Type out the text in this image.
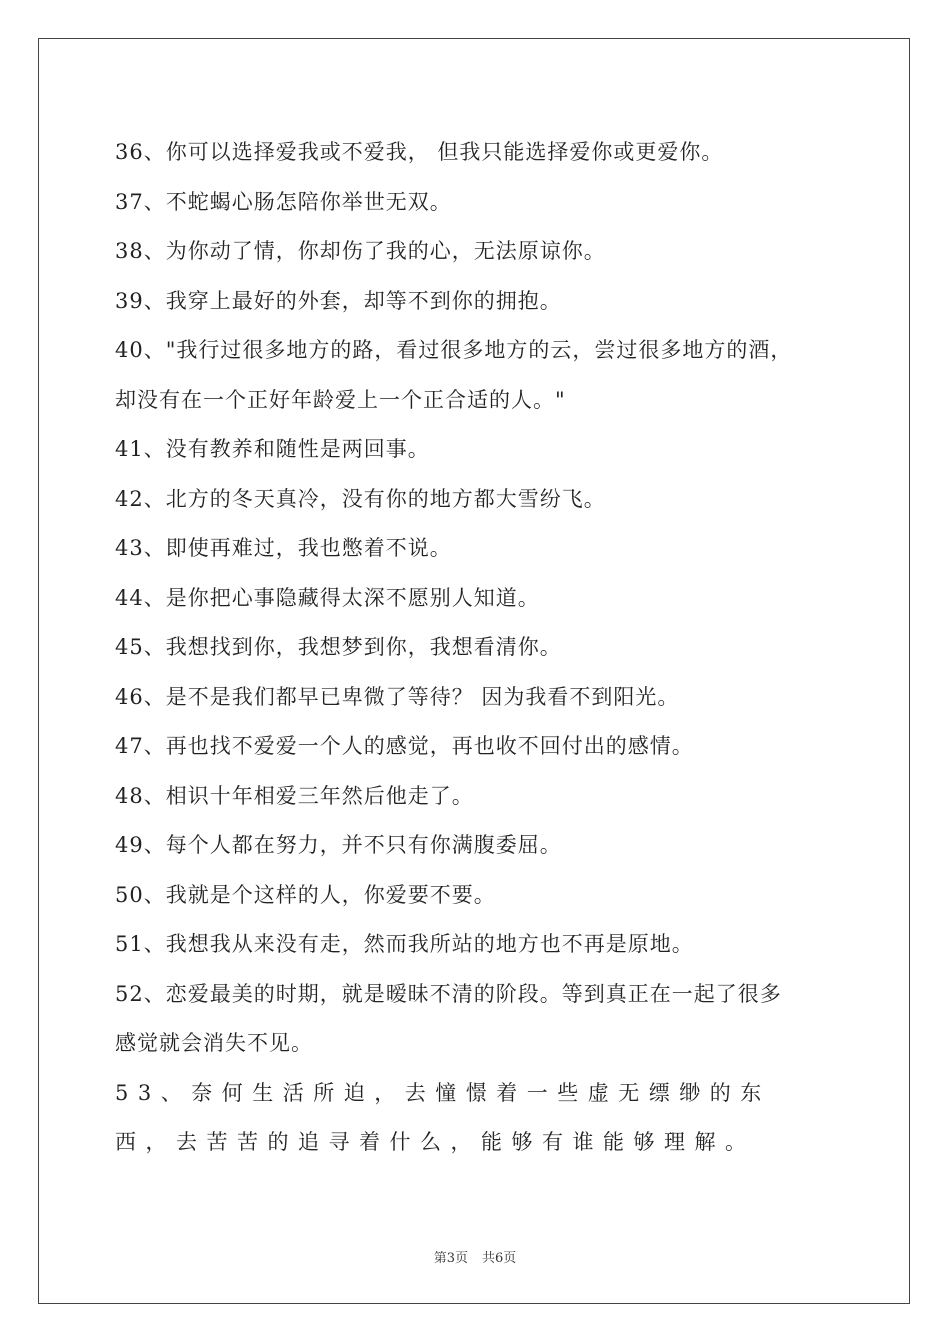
36、你可以选择爱我或不爱我， 但我只能选择爱你或更爱你。
37、不蛇蝎心肠怎陪你举世无双。
38、为你动了情，你却伤了我的心，无法原谅你。
39、我穿上最好的外套，却等不到你的拥抱。
40、"我行过很多地方的路，看过很多地方的云，尝过很多地方的酒，
却没有在一个正好年龄爱上一个正合适的人。"
41、没有教养和随性是两回事。
42、北方的冬天真冷，没有你的地方都大雪纷飞。
43、即使再难过，我也憋着不说。
44、是你把心事隐藏得太深不愿别人知道。
45、我想找到你，我想梦到你，我想看清你。
46、是不是我们都早已卑微了等待？ 因为我看不到阳光。
47、再也找不爱爱一个人的感觉，再也收不回付出的感情。
48、相识十年相爱三年然后他走了。
49、每个人都在努力，并不只有你满腹委屈。
50、我就是个这样的人，你爱要不要。
51、我想我从来没有走，然而我所站的地方也不再是原地。
52、恋爱最美的时期，就是暧昧不清的阶段。等到真正在一起了很多
感觉就会消失不见。
53、奈何生活所迫，去憧憬着一些虚无缥缈的东
西，去苦苦的追寻着什么，能够有谁能够理解。
第3页 共6页
